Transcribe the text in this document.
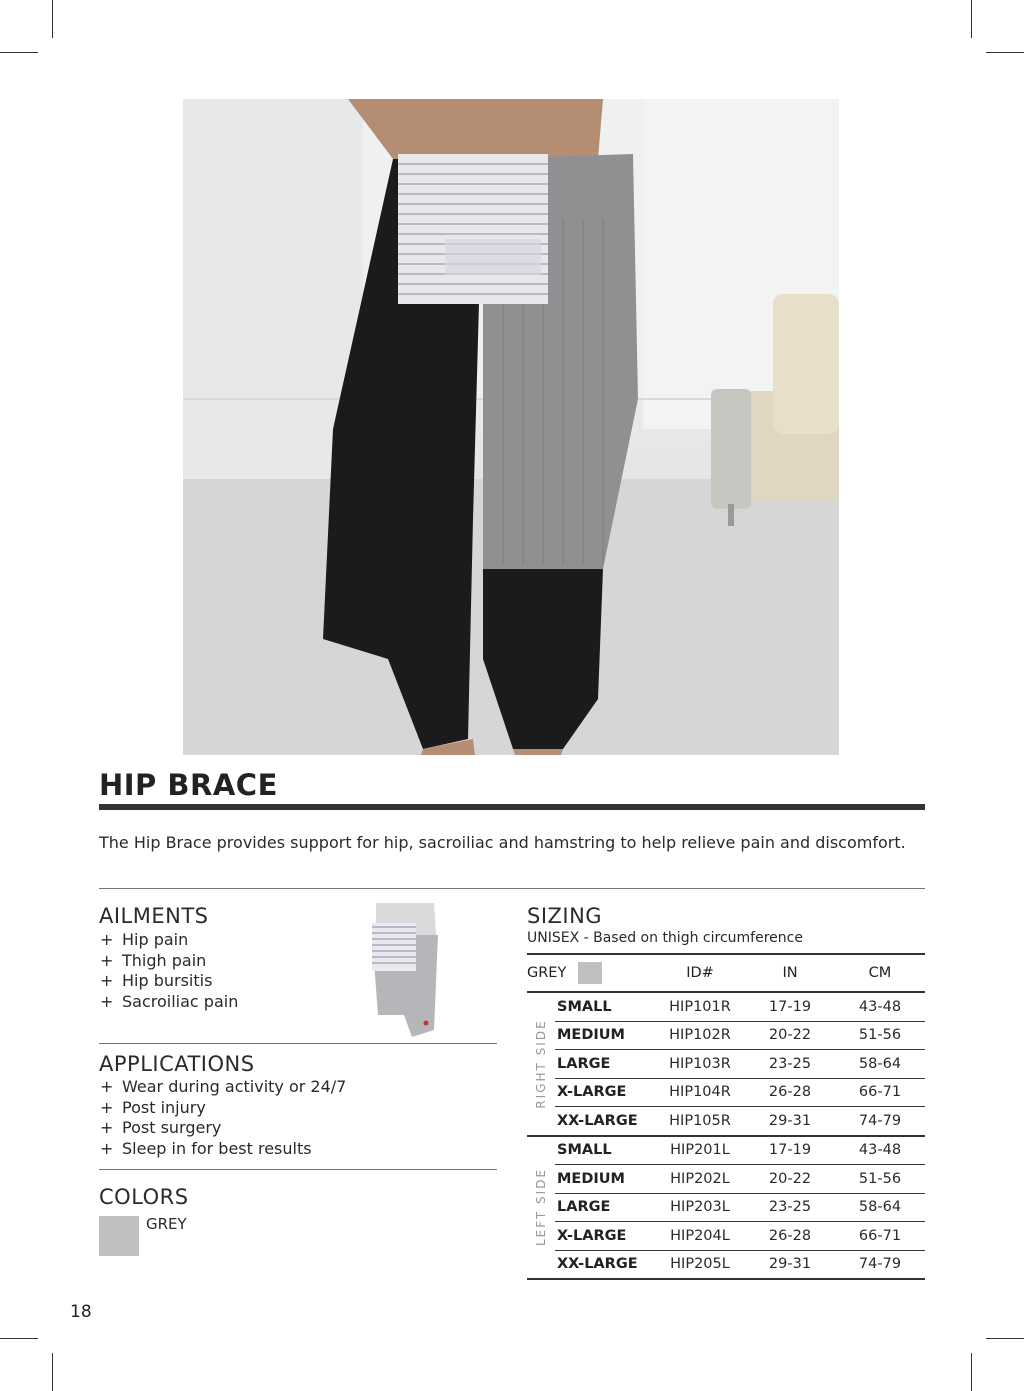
HIP BRACE

The Hip Brace provides support for hip, sacroiliac and hamstring to help relieve pain and discomfort.

AILMENTS
+ Hip pain
+ Thigh pain
+ Hip bursitis
+ Sacroiliac pain
APPLICATIONS
+ Wear during activity or 24/7
+ Post injury
+ Post surgery
+ Sleep in for best results
COLORS
GREY
SIZING
UNISEX - Based on thigh circumference
GREY		ID#	IN	CM

RIGHT SIDE	SMALL	HIP101R	17-19	43-48
	MEDIUM	HIP102R	20-22	51-56
	LARGE	HIP103R	23-25	58-64
	X-LARGE	HIP104R	26-28	66-71
	XX-LARGE	HIP105R	29-31	74-79

LEFT SIDE	SMALL	HIP201L	17-19	43-48
	MEDIUM	HIP202L	20-22	51-56
	LARGE	HIP203L	23-25	58-64
	X-LARGE	HIP204L	26-28	66-71
	XX-LARGE	HIP205L	29-31	74-79
18
